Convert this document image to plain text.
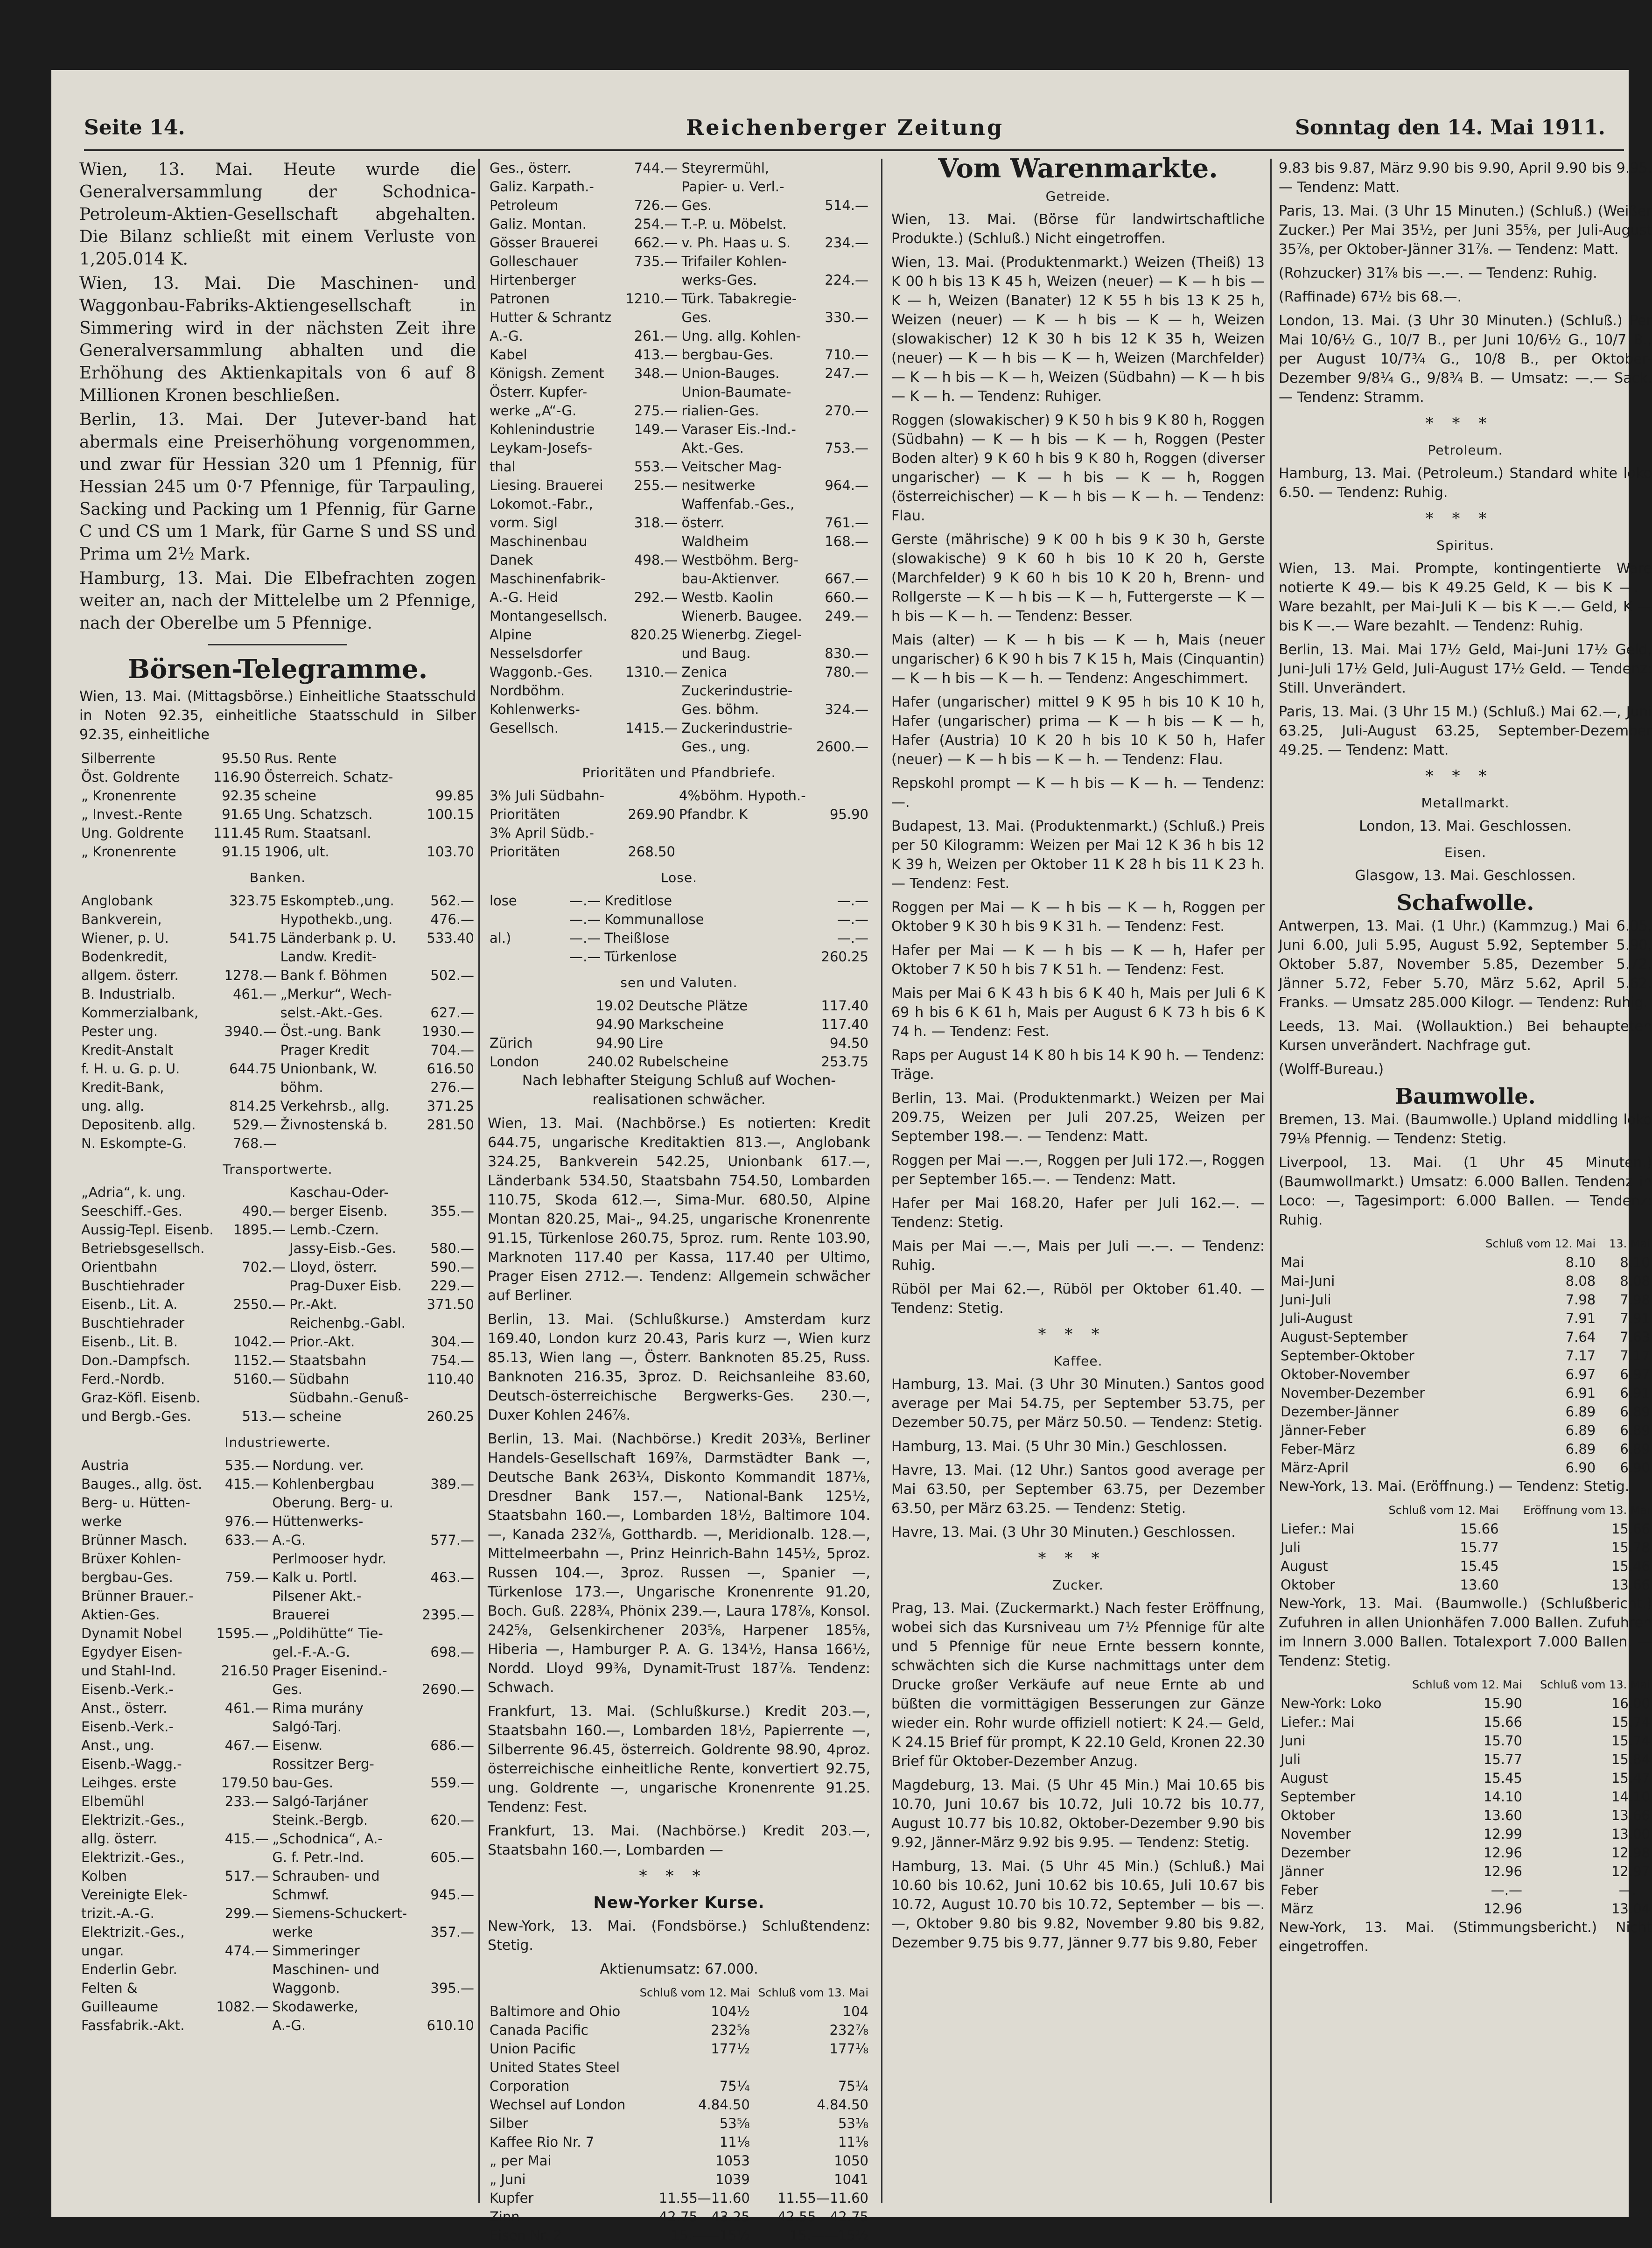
Seite 14.	Reichenberger Zeitung	Sonntag den 14. Mai 1911.

Wien, 13. Mai. Heute wurde die Generalversammlung der Schodnica-Petroleum-Aktien-Gesellschaft abgehalten. Die Bilanz schließt mit einem Verluste von 1,205.014 K.

Wien, 13. Mai. Die Maschinen- und Waggonbau-Fabriks-Aktiengesellschaft in Simmering wird in der nächsten Zeit ihre Generalversammlung abhalten und die Erhöhung des Aktienkapitals von 6 auf 8 Millionen Kronen beschließen.

Berlin, 13. Mai. Der Jutever-band hat abermals eine Preiserhöhung vorgenommen, und zwar für Hessian 320 um 1 Pfennig, für Hessian 245 um 0·7 Pfennige, für Tarpauling, Sacking und Packing um 1 Pfennig, für Garne C und CS um 1 Mark, für Garne S und SS und Prima um 2½ Mark.

Hamburg, 13. Mai. Die Elbefrachten zogen weiter an, nach der Mittelelbe um 2 Pfennige, nach der Oberelbe um 5 Pfennige.

Börsen-Telegramme.

Wien, 13. Mai. (Mittagsbörse.) Einheitliche Staatsschuld in Noten 92.35, einheitliche Staatsschuld in Silber 92.35, einheitliche

Silberrente	95.50	Rus. Rente	
Öst. Goldrente	116.90	Österreich. Schatz-	
„ Kronenrente	92.35	scheine	99.85
„ Invest.-Rente	91.65	Ung. Schatzsch.	100.15
Ung. Goldrente	111.45	Rum. Staatsanl.	
„ Kronenrente	91.15	1906, ult.	103.70
Banken.
Anglobank	323.75	Eskompteb.,ung.	562.—
Bankverein,		Hypothekb.,ung.	476.—
Wiener, p. U.	541.75	Länderbank p. U.	533.40
Bodenkredit,		Landw. Kredit-	
allgem. österr.	1278.—	Bank f. Böhmen	502.—
B. Industrialb.	461.—	„Merkur“, Wech-	
Kommerzialbank,		selst.-Akt.-Ges.	627.—
Pester ung.	3940.—	Öst.-ung. Bank	1930.—
Kredit-Anstalt		Prager Kredit	704.—
f. H. u. G. p. U.	644.75	Unionbank, W.	616.50
Kredit-Bank,		böhm.	276.—
ung. allg.	814.25	Verkehrsb., allg.	371.25
Depositenb. allg.	529.—	Živnostenská b.	281.50
N. Eskompte-G.	768.—		
Transportwerte.
„Adria“, k. ung.		Kaschau-Oder-	
Seeschiff.-Ges.	490.—	berger Eisenb.	355.—
Aussig-Tepl. Eisenb.	1895.—	Lemb.-Czern.	
Betriebsgesellsch.		Jassy-Eisb.-Ges.	580.—
Orientbahn	702.—	Lloyd, österr.	590.—
Buschtiehrader		Prag-Duxer Eisb.	229.—
Eisenb., Lit. A.	2550.—	Pr.-Akt.	371.50
Buschtiehrader		Reichenbg.-Gabl.	
Eisenb., Lit. B.	1042.—	Prior.-Akt.	304.—
Don.-Dampfsch.	1152.—	Staatsbahn	754.—
Ferd.-Nordb.	5160.—	Südbahn	110.40
Graz-Köfl. Eisenb.		Südbahn.-Genuß-	
und Bergb.-Ges.	513.—	scheine	260.25
Industriewerte.
Austria	535.—	Nordung. ver.	
Bauges., allg. öst.	415.—	Kohlenbergbau	389.—
Berg- u. Hütten-		Oberung. Berg- u.	
werke	976.—	Hüttenwerks-	
Brünner Masch.	633.—	A.-G.	577.—
Brüxer Kohlen-		Perlmooser hydr.	
bergbau-Ges.	759.—	Kalk u. Portl.	463.—
Brünner Brauer.-		Pilsener Akt.-	
Aktien-Ges.		Brauerei	2395.—
Dynamit Nobel	1595.—	„Poldihütte“ Tie-	
Egydyer Eisen-		gel.-F.-A.-G.	698.—
und Stahl-Ind.	216.50	Prager Eisenind.-	
Eisenb.-Verk.-		Ges.	2690.—
Anst., österr.	461.—	Rima murány	
Eisenb.-Verk.-		Salgó-Tarj.	
Anst., ung.	467.—	Eisenw.	686.—
Eisenb.-Wagg.-		Rossitzer Berg-	
Leihges. erste	179.50	bau-Ges.	559.—
Elbemühl	233.—	Salgó-Tarjáner	
Elektrizit.-Ges.,		Steink.-Bergb.	620.—
allg. österr.	415.—	„Schodnica“, A.-	
Elektrizit.-Ges.,		G. f. Petr.-Ind.	605.—
Kolben	517.—	Schrauben- und	
Vereinigte Elek-		Schmwf.	945.—
trizit.-A.-G.	299.—	Siemens-Schuckert-	
Elektrizit.-Ges.,		werke	357.—
ungar.	474.—	Simmeringer	
Enderlin Gebr.		Maschinen- und	
Felten &		Waggonb.	395.—
Guilleaume	1082.—	Skodawerke,	
Fassfabrik.-Akt.		A.-G.	610.10
Ges., österr.	744.—	Steyrermühl,	
Galiz. Karpath.-		Papier- u. Verl.-	
Petroleum	726.—	Ges.	514.—
Galiz. Montan.	254.—	T.-P. u. Möbelst.	
Gösser Brauerei	662.—	v. Ph. Haas u. S.	234.—
Golleschauer	735.—	Trifailer Kohlen-	
Hirtenberger		werks-Ges.	224.—
Patronen	1210.—	Türk. Tabakregie-	
Hutter & Schrantz		Ges.	330.—
A.-G.	261.—	Ung. allg. Kohlen-	
Kabel	413.—	bergbau-Ges.	710.—
Königsh. Zement	348.—	Union-Bauges.	247.—
Österr. Kupfer-		Union-Baumate-	
werke „A“-G.	275.—	rialien-Ges.	270.—
Kohlenindustrie	149.—	Varaser Eis.-Ind.-	
Leykam-Josefs-		Akt.-Ges.	753.—
thal	553.—	Veitscher Mag-	
Liesing. Brauerei	255.—	nesitwerke	964.—
Lokomot.-Fabr.,		Waffenfab.-Ges.,	
vorm. Sigl	318.—	österr.	761.—
Maschinenbau		Waldheim	168.—
Danek	498.—	Westböhm. Berg-	
Maschinenfabrik-		bau-Aktienver.	667.—
A.-G. Heid	292.—	Westb. Kaolin	660.—
Montangesellsch.		Wienerb. Baugee.	249.—
Alpine	820.25	Wienerbg. Ziegel-	
Nesselsdorfer		und Baug.	830.—
Waggonb.-Ges.	1310.—	Zenica	780.—
Nordböhm.		Zuckerindustrie-	
Kohlenwerks-		Ges. böhm.	324.—
Gesellsch.	1415.—	Zuckerindustrie-	
		Ges., ung.	2600.—
Prioritäten und Pfandbriefe.
3% Juli Südbahn-		4%böhm. Hypoth.-	
Prioritäten	269.90	Pfandbr. K	95.90
3% April Südb.-			
Prioritäten	268.50		
Lose.
lose	—.—	Kreditlose	—.—
	—.—	Kommunallose	—.—
al.)	—.—	Theißlose	—.—
	—.—	Türkenlose	260.25
sen und Valuten.
	19.02	Deutsche Plätze	117.40
	94.90	Markscheine	117.40
Zürich	94.90	Lire	94.50
London	240.02	Rubelscheine	253.75

Nach lebhafter Steigung Schluß auf Wochen-realisationen schwächer.

Wien, 13. Mai. (Nachbörse.) Es notierten: Kredit 644.75, ungarische Kreditaktien 813.—, Anglobank 324.25, Bankverein 542.25, Unionbank 617.—, Länderbank 534.50, Staatsbahn 754.50, Lombarden 110.75, Skoda 612.—, Sima-Mur. 680.50, Alpine Montan 820.25, Mai-„ 94.25, ungarische Kronenrente 91.15, Türkenlose 260.75, 5proz. rum. Rente 103.90, Marknoten 117.40 per Kassa, 117.40 per Ultimo, Prager Eisen 2712.—. Tendenz: Allgemein schwächer auf Berliner.

Berlin, 13. Mai. (Schlußkurse.) Amsterdam kurz 169.40, London kurz 20.43, Paris kurz —, Wien kurz 85.13, Wien lang —, Österr. Banknoten 85.25, Russ. Banknoten 216.35, 3proz. D. Reichsanleihe 83.60, Deutsch-österreichische Bergwerks-Ges. 230.—, Duxer Kohlen 246⅞.

Berlin, 13. Mai. (Nachbörse.) Kredit 203⅛, Berliner Handels-Gesellschaft 169⅞, Darmstädter Bank —, Deutsche Bank 263¼, Diskonto Kommandit 187⅛, Dresdner Bank 157.—, National-Bank 125½, Staatsbahn 160.—, Lombarden 18½, Baltimore 104.—, Kanada 232⅞, Gotthardb. —, Meridionalb. 128.—, Mittelmeerbahn —, Prinz Heinrich-Bahn 145½, 5proz. Russen 104.—, 3proz. Russen —, Spanier —, Türkenlose 173.—, Ungarische Kronenrente 91.20, Boch. Guß. 228¾, Phönix 239.—, Laura 178⅞, Konsol. 242⅝, Gelsenkirchener 203⅝, Harpener 185⅝, Hiberia —, Hamburger P. A. G. 134½, Hansa 166½, Nordd. Lloyd 99⅜, Dynamit-Trust 187⅞. Tendenz: Schwach.

Frankfurt, 13. Mai. (Schlußkurse.) Kredit 203.—, Staatsbahn 160.—, Lombarden 18½, Papierrente —, Silberrente 96.45, österreich. Goldrente 98.90, 4proz. österreichische einheitliche Rente, konvertiert 92.75, ung. Goldrente —, ungarische Kronenrente 91.25. Tendenz: Fest.

Frankfurt, 13. Mai. (Nachbörse.) Kredit 203.—, Staatsbahn 160.—, Lombarden —

***
New-Yorker Kurse.

New-York, 13. Mai. (Fondsbörse.) Schlußtendenz: Stetig.

Aktienumsatz: 67.000.

	Schluß vom 12. Mai	Schluß vom 13. Mai
Baltimore and Ohio	104½	104
Canada Pacific	232⅝	232⅞
Union Pacific	177½	177⅛
United States Steel		
Corporation	75¼	75¼
Wechsel auf London	4.84.50	4.84.50
Silber	53⅝	53⅛
Kaffee Rio Nr. 7	11⅛	11⅛
„ per Mai	1053	1050
„ Juni	1039	1041
Kupfer	11.55—11.60	11.55—11.60
Zinn	42.75—43.25	42.55—42.75
Eisen Nr. 2	15.——15½	15.——15½
Vom Warenmarkte.
Getreide.

Wien, 13. Mai. (Börse für landwirtschaftliche Produkte.) (Schluß.) Nicht eingetroffen.

Wien, 13. Mai. (Produktenmarkt.) Weizen (Theiß) 13 K 00 h bis 13 K 45 h, Weizen (neuer) — K — h bis — K — h, Weizen (Banater) 12 K 55 h bis 13 K 25 h, Weizen (neuer) — K — h bis — K — h, Weizen (slowakischer) 12 K 30 h bis 12 K 35 h, Weizen (neuer) — K — h bis — K — h, Weizen (Marchfelder) — K — h bis — K — h, Weizen (Südbahn) — K — h bis — K — h. — Tendenz: Ruhiger.

Roggen (slowakischer) 9 K 50 h bis 9 K 80 h, Roggen (Südbahn) — K — h bis — K — h, Roggen (Pester Boden alter) 9 K 60 h bis 9 K 80 h, Roggen (diverser ungarischer) — K — h bis — K — h, Roggen (österreichischer) — K — h bis — K — h. — Tendenz: Flau.

Gerste (mährische) 9 K 00 h bis 9 K 30 h, Gerste (slowakische) 9 K 60 h bis 10 K 20 h, Gerste (Marchfelder) 9 K 60 h bis 10 K 20 h, Brenn- und Rollgerste — K — h bis — K — h, Futtergerste — K — h bis — K — h. — Tendenz: Besser.

Mais (alter) — K — h bis — K — h, Mais (neuer ungarischer) 6 K 90 h bis 7 K 15 h, Mais (Cinquantin) — K — h bis — K — h. — Tendenz: Angeschimmert.

Hafer (ungarischer) mittel 9 K 95 h bis 10 K 10 h, Hafer (ungarischer) prima — K — h bis — K — h, Hafer (Austria) 10 K 20 h bis 10 K 50 h, Hafer (neuer) — K — h bis — K — h. — Tendenz: Flau.

Repskohl prompt — K — h bis — K — h. — Tendenz: —.

Budapest, 13. Mai. (Produktenmarkt.) (Schluß.) Preis per 50 Kilogramm: Weizen per Mai 12 K 36 h bis 12 K 39 h, Weizen per Oktober 11 K 28 h bis 11 K 23 h. — Tendenz: Fest.

Roggen per Mai — K — h bis — K — h, Roggen per Oktober 9 K 30 h bis 9 K 31 h. — Tendenz: Fest.

Hafer per Mai — K — h bis — K — h, Hafer per Oktober 7 K 50 h bis 7 K 51 h. — Tendenz: Fest.

Mais per Mai 6 K 43 h bis 6 K 40 h, Mais per Juli 6 K 69 h bis 6 K 61 h, Mais per August 6 K 73 h bis 6 K 74 h. — Tendenz: Fest.

Raps per August 14 K 80 h bis 14 K 90 h. — Tendenz: Träge.

Berlin, 13. Mai. (Produktenmarkt.) Weizen per Mai 209.75, Weizen per Juli 207.25, Weizen per September 198.—. — Tendenz: Matt.

Roggen per Mai —.—, Roggen per Juli 172.—, Roggen per September 165.—. — Tendenz: Matt.

Hafer per Mai 168.20, Hafer per Juli 162.—. — Tendenz: Stetig.

Mais per Mai —.—, Mais per Juli —.—. — Tendenz: Ruhig.

Rüböl per Mai 62.—, Rüböl per Oktober 61.40. — Tendenz: Stetig.

***
Kaffee.

Hamburg, 13. Mai. (3 Uhr 30 Minuten.) Santos good average per Mai 54.75, per September 53.75, per Dezember 50.75, per März 50.50. — Tendenz: Stetig.

Hamburg, 13. Mai. (5 Uhr 30 Min.) Geschlossen.

Havre, 13. Mai. (12 Uhr.) Santos good average per Mai 63.50, per September 63.75, per Dezember 63.50, per März 63.25. — Tendenz: Stetig.

Havre, 13. Mai. (3 Uhr 30 Minuten.) Geschlossen.

***
Zucker.

Prag, 13. Mai. (Zuckermarkt.) Nach fester Eröffnung, wobei sich das Kursniveau um 7½ Pfennige für alte und 5 Pfennige für neue Ernte bessern konnte, schwächten sich die Kurse nachmittags unter dem Drucke großer Verkäufe auf neue Ernte ab und büßten die vormittägigen Besserungen zur Gänze wieder ein. Rohr wurde offiziell notiert: K 24.— Geld, K 24.15 Brief für prompt, K 22.10 Geld, Kronen 22.30 Brief für Oktober-Dezember Anzug.

Magdeburg, 13. Mai. (5 Uhr 45 Min.) Mai 10.65 bis 10.70, Juni 10.67 bis 10.72, Juli 10.72 bis 10.77, August 10.77 bis 10.82, Oktober-Dezember 9.90 bis 9.92, Jänner-März 9.92 bis 9.95. — Tendenz: Stetig.

Hamburg, 13. Mai. (5 Uhr 45 Min.) (Schluß.) Mai 10.60 bis 10.62, Juni 10.62 bis 10.65, Juli 10.67 bis 10.72, August 10.70 bis 10.72, September — bis —.—, Oktober 9.80 bis 9.82, November 9.80 bis 9.82, Dezember 9.75 bis 9.77, Jänner 9.77 bis 9.80, Feber

9.83 bis 9.87, März 9.90 bis 9.90, April 9.90 bis 9.95. — Tendenz: Matt.

Paris, 13. Mai. (3 Uhr 15 Minuten.) (Schluß.) (Weißer Zucker.) Per Mai 35½, per Juni 35⅝, per Juli-August 35⅞, per Oktober-Jänner 31⅞. — Tendenz: Matt.

(Rohzucker) 31⅞ bis —.—. — Tendenz: Ruhig.

(Raffinade) 67½ bis 68.—.

London, 13. Mai. (3 Uhr 30 Minuten.) (Schluß.) Per Mai 10/6½ G., 10/7 B., per Juni 10/6½ G., 10/7 B., per August 10/7¾ G., 10/8 B., per Oktober-Dezember 9/8¼ G., 9/8¾ B. — Umsatz: —.— Sack. — Tendenz: Stramm.

***
Petroleum.

Hamburg, 13. Mai. (Petroleum.) Standard white loko 6.50. — Tendenz: Ruhig.

***
Spiritus.

Wien, 13. Mai. Prompte, kontingentierte Ware notierte K 49.— bis K 49.25 Geld, K — bis K —.— Ware bezahlt, per Mai-Juli K — bis K —.— Geld, K — bis K —.— Ware bezahlt. — Tendenz: Ruhig.

Berlin, 13. Mai. Mai 17½ Geld, Mai-Juni 17½ Geld, Juni-Juli 17½ Geld, Juli-August 17½ Geld. — Tendenz: Still. Unverändert.

Paris, 13. Mai. (3 Uhr 15 M.) (Schluß.) Mai 62.—, Juni 63.25, Juli-August 63.25, September-Dezember 49.25. — Tendenz: Matt.

***
Metallmarkt.

London, 13. Mai. Geschlossen.

Eisen.

Glasgow, 13. Mai. Geschlossen.

Schafwolle.

Antwerpen, 13. Mai. (1 Uhr.) (Kammzug.) Mai 6.05, Juni 6.00, Juli 5.95, August 5.92, September 5.90, Oktober 5.87, November 5.85, Dezember 5.72, Jänner 5.72, Feber 5.70, März 5.62, April 5.62. Franks. — Umsatz 285.000 Kilogr. — Tendenz: Ruhig.

Leeds, 13. Mai. (Wollauktion.) Bei behaupteten Kursen unverändert. Nachfrage gut.

(Wolff-Bureau.)

Baumwolle.

Bremen, 13. Mai. (Baumwolle.) Upland middling loko 79⅛ Pfennig. — Tendenz: Stetig.

Liverpool, 13. Mai. (1 Uhr 45 Minuten.) (Baumwollmarkt.) Umsatz: 6.000 Ballen. Tendenz in Loco: —, Tagesimport: 6.000 Ballen. — Tendenz: Ruhig.

	Schluß vom 12. Mai	13. Mai
Mai	8.10	8.10
Mai-Juni	8.08	8.08
Juni-Juli	7.98	7.98
Juli-August	7.91	7.91
August-September	7.64	7.63
September-Oktober	7.17	7.17
Oktober-November	6.97	6.97
November-Dezember	6.91	6.91
Dezember-Jänner	6.89	6.89
Jänner-Feber	6.89	6.89
Feber-März	6.89	6.89
März-April	6.90	6.90

New-York, 13. Mai. (Eröffnung.) — Tendenz: Stetig.

	Schluß vom 12. Mai	Eröffnung vom 13. Mai
Liefer.: Mai	15.66	15.66
Juli	15.77	15.78
August	15.45	15.46
Oktober	13.60	13.66

New-York, 13. Mai. (Baumwolle.) (Schlußbericht.) Zufuhren in allen Unionhäfen 7.000 Ballen. Zufuhren im Innern 3.000 Ballen. Totalexport 7.000 Ballen. — Tendenz: Stetig.

	Schluß vom 12. Mai	Schluß vom 13. Mai
New-York: Loko	15.90	16.00
Liefer.: Mai	15.66	15.74
Juni	15.70	15.74
Juli	15.77	15.84
August	15.45	15.47
September	14.10	14.10
Oktober	13.60	13.66
November	12.99	13.00
Dezember	12.96	12.98
Jänner	12.96	12.97
Feber	—.—	—.—
März	12.96	13.04

New-York, 13. Mai. (Stimmungsbericht.) Nicht eingetroffen.
